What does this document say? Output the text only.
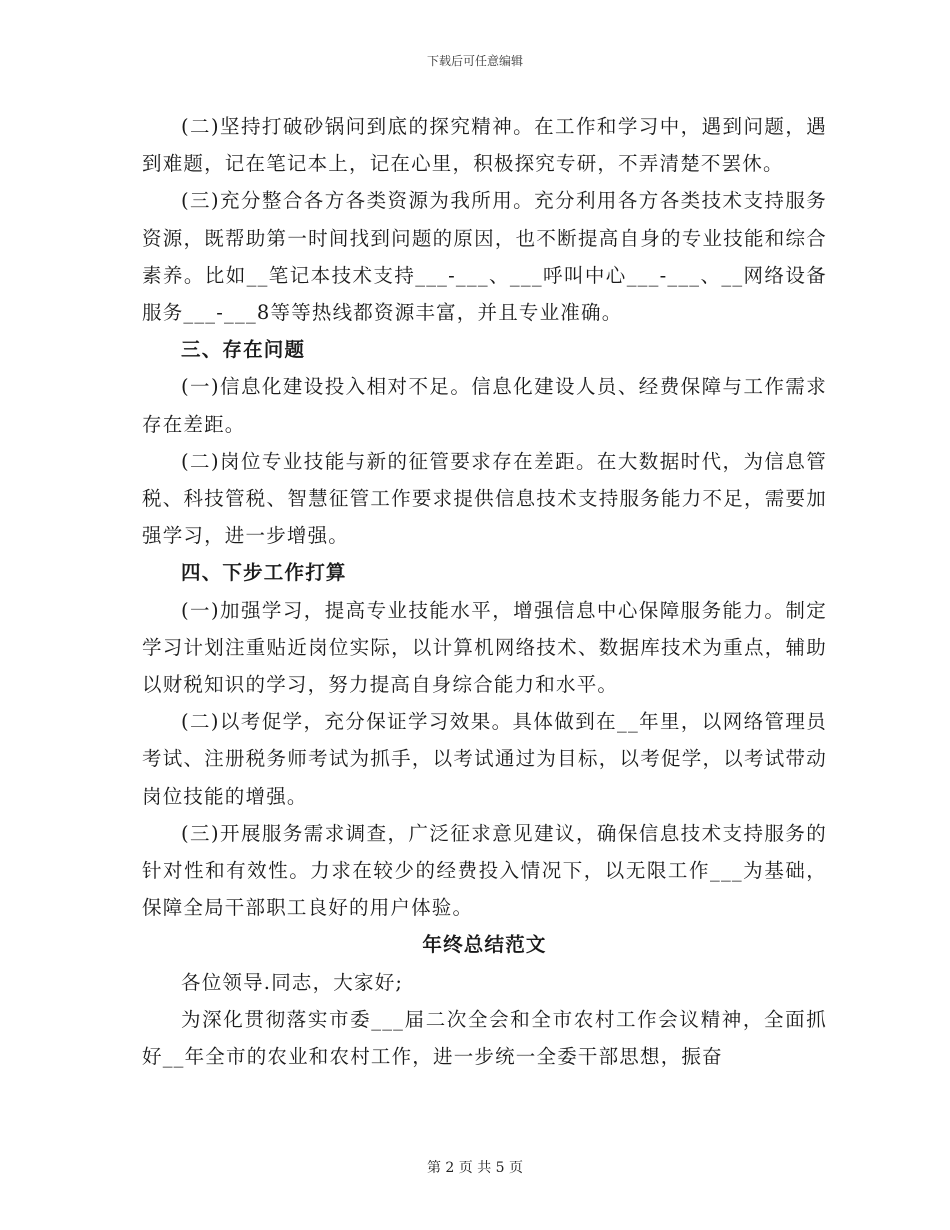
下载后可任意编辑

(二)坚持打破砂锅问到底的探究精神。在工作和学习中，遇到问题，遇到难题，记在笔记本上，记在心里，积极探究专研，不弄清楚不罢休。

(三)充分整合各方各类资源为我所用。充分利用各方各类技术支持服务资源，既帮助第一时间找到问题的原因，也不断提高自身的专业技能和综合素养。比如__笔记本技术支持___-___、___呼叫中心___-___、__网络设备服务___-___8等等热线都资源丰富，并且专业准确。

三、存在问题

(一)信息化建设投入相对不足。信息化建设人员、经费保障与工作需求存在差距。

(二)岗位专业技能与新的征管要求存在差距。在大数据时代，为信息管税、科技管税、智慧征管工作要求提供信息技术支持服务能力不足，需要加强学习，进一步增强。

四、下步工作打算

(一)加强学习，提高专业技能水平，增强信息中心保障服务能力。制定学习计划注重贴近岗位实际，以计算机网络技术、数据库技术为重点，辅助以财税知识的学习，努力提高自身综合能力和水平。

(二)以考促学，充分保证学习效果。具体做到在__年里，以网络管理员考试、注册税务师考试为抓手，以考试通过为目标，以考促学，以考试带动岗位技能的增强。

(三)开展服务需求调查，广泛征求意见建议，确保信息技术支持服务的针对性和有效性。力求在较少的经费投入情况下，以无限工作___为基础，保障全局干部职工良好的用户体验。

年终总结范文

各位领导.同志，大家好;

为深化贯彻落实市委___届二次全会和全市农村工作会议精神，全面抓好__年全市的农业和农村工作，进一步统一全委干部思想，振奋

第 2 页 共 5 页
